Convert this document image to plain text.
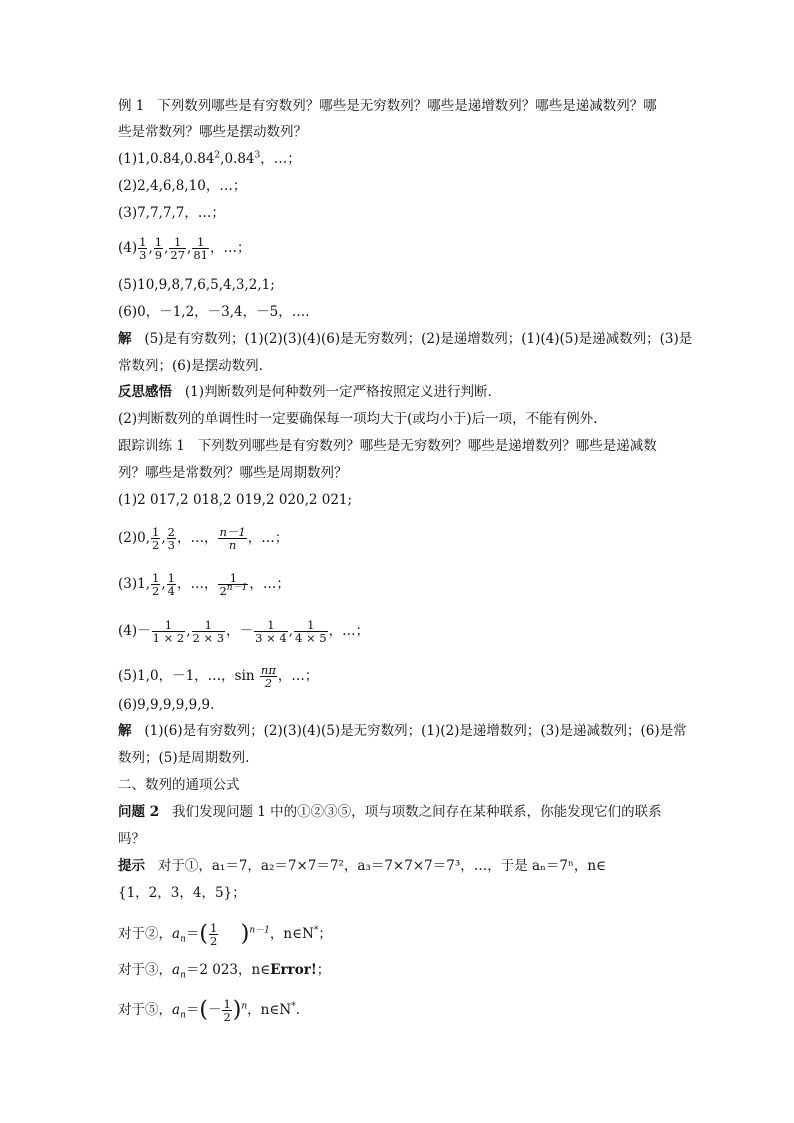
例 1 下列数列哪些是有穷数列？哪些是无穷数列？哪些是递增数列？哪些是递减数列？哪
些是常数列？哪些是摆动数列？
(1)1,0.84,0.84$^2$,0.84$^3$，…；
(2)2,4,6,8,10，…；
(3)7,7,7,7，…；
$(4) \frac{1}{3}$ , $\frac{1}{9}$ , $\frac{1}{27}$ , $\frac{1}{81}$ ，…；
(5)10,9,8,7,6,5,4,3,2,1;
(6)0，－1,2，－3,4，－5，….
解 (5)是有穷数列；(1)(2)(3)(4)(6)是无穷数列；(2)是递增数列；(1)(4)(5)是递减数列；(3)是
常数列；(6)是摆动数列.
反思感悟 (1)判断数列是何种数列一定严格按照定义进行判断.
(2)判断数列的单调性时一定要确保每一项均大于(或均小于)后一项，不能有例外.
跟踪训练 1 下列数列哪些是有穷数列？哪些是无穷数列？哪些是递增数列？哪些是递减数
列？哪些是常数列？哪些是周期数列？
(1)2 017,2 018,2 019,2 020,2 021;
(2)0, $\frac{1}{2}$ , $\frac{2}{3}$ ，…， $\frac{n-1}{n}$ ，…；
(3)1, $\frac{1}{2}$ , $\frac{1}{4}$ ，…， $\frac{1}{2^{n-1}}$ ，…；
$(4)- \frac{1}{1 \times 2}$ , $\frac{1}{2 \times 3}$ ，－ $\frac{1}{3 \times 4}$ , $\frac{1}{4 \times 5}$ ，…；
(5)1,0，－1，…，$\sin \frac{n\pi}{2}$ ，…；
(6)9,9,9,9,9,9.
解 (1)(6)是有穷数列；(2)(3)(4)(5)是无穷数列；(1)(2)是递增数列；(3)是递减数列；(6)是常
数列；(5)是周期数列.
二、数列的通项公式
问题 2 我们发现问题 1 中的①②③⑤，项与项数之间存在某种联系，你能发现它们的联系
吗？
提示 对于①，a₁＝7，a₂＝7×7＝7²，a₃＝7×7×7＝7³，…，于是 aₙ＝7ⁿ，n∈
{1，2，3，4，5}；
对于②，$a_n=( \frac{1}{2} )^{n-1}$，n∈N*；
对于③，$a_n=2$ 023，n∈Error!；
对于⑤，$a_n=(- \frac{1}{2} )^n$，n∈N*.
